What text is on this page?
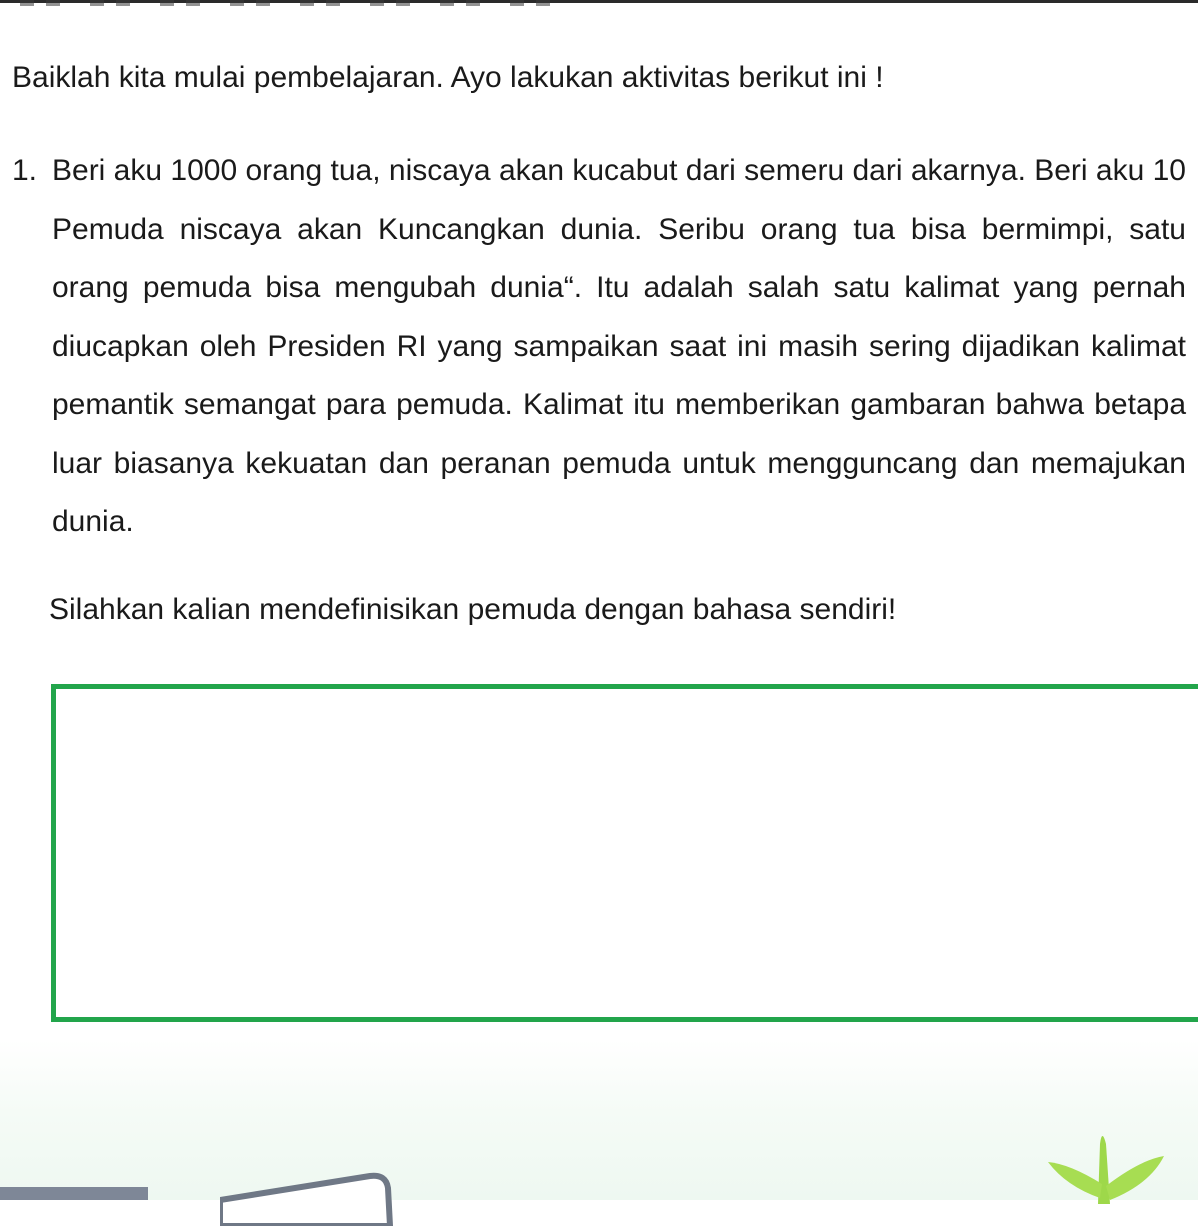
Baiklah kita mulai pembelajaran. Ayo lakukan aktivitas berikut ini !

1. Beri aku 1000 orang tua, niscaya akan kucabut dari semeru dari akarnya. Beri aku 10 Pemuda niscaya akan Kuncangkan dunia. Seribu orang tua bisa bermimpi, satu orang pemuda bisa mengubah dunia“. Itu adalah salah satu kalimat yang pernah diucapkan oleh Presiden RI yang sampaikan saat ini masih sering dijadikan kalimat pemantik semangat para pemuda. Kalimat itu memberikan gambaran bahwa betapa luar biasanya kekuatan dan peranan pemuda untuk mengguncang dan memajukan dunia.

Silahkan kalian mendefinisikan pemuda dengan bahasa sendiri!
